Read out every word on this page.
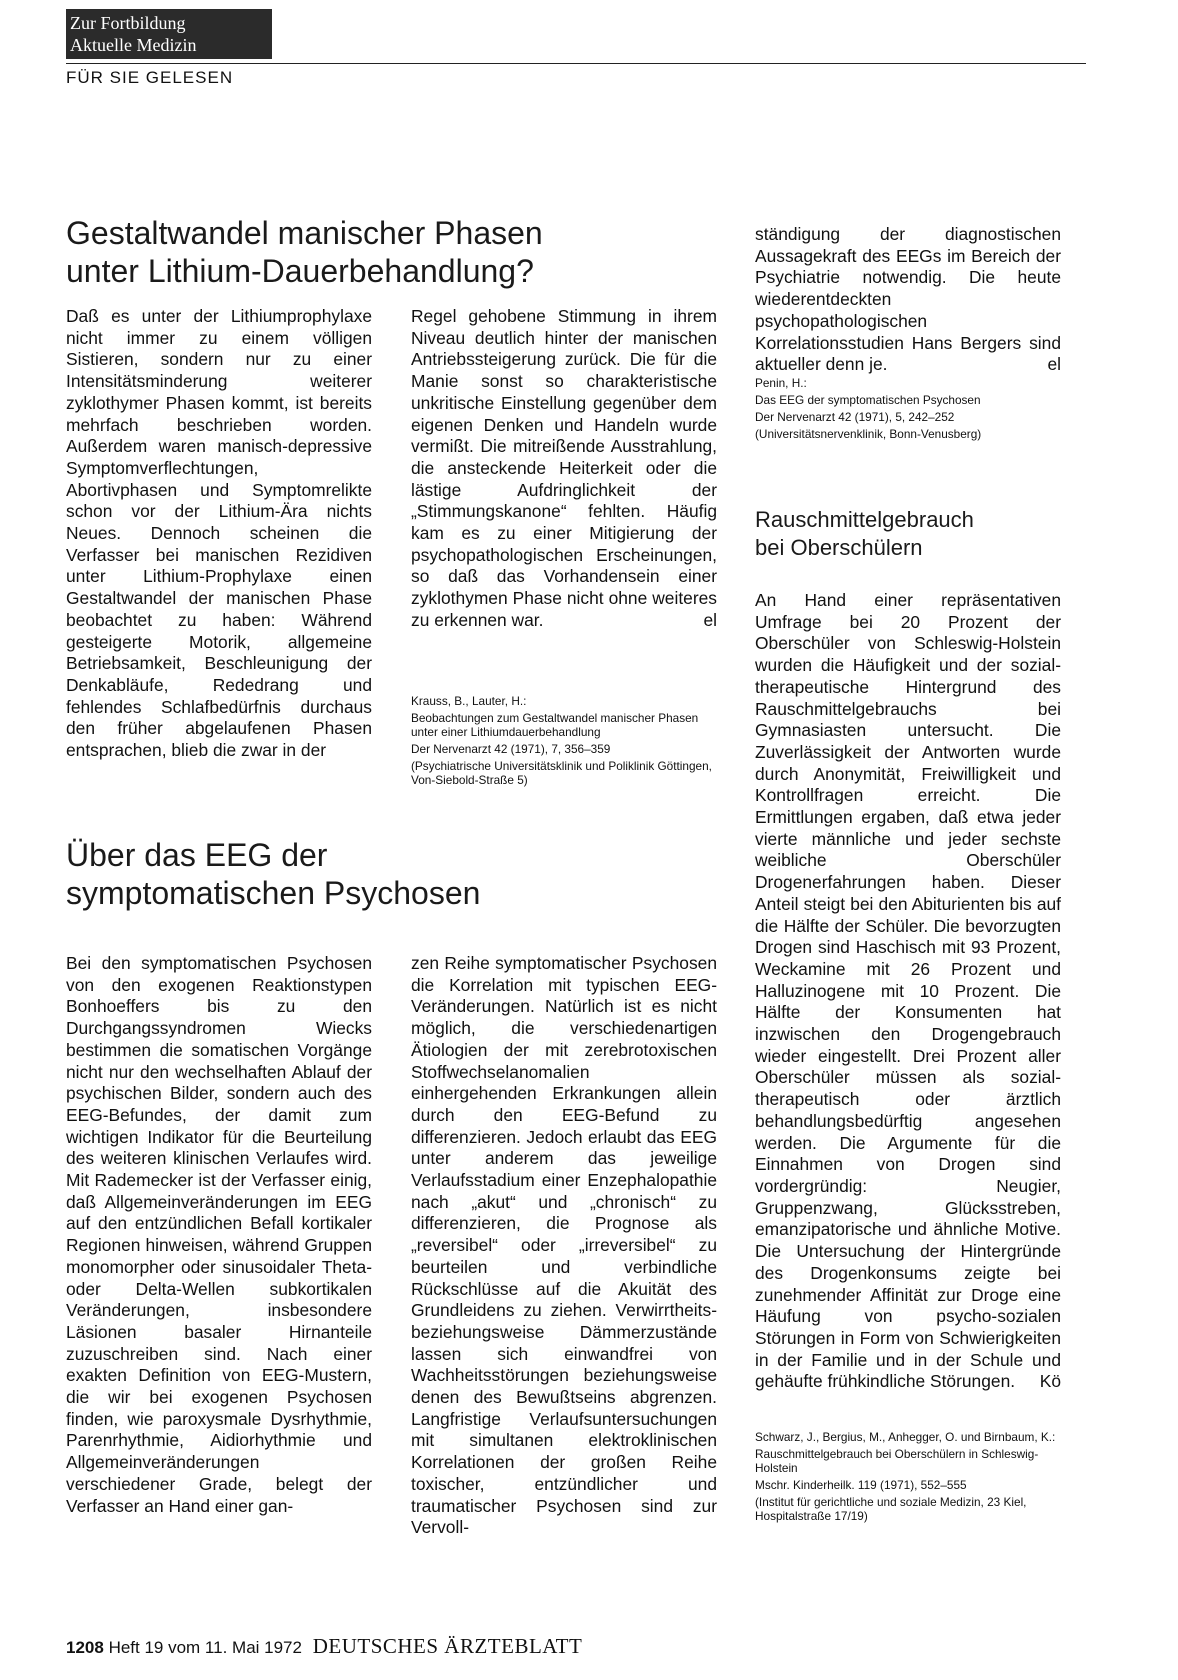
Zur Fortbildung
Aktuelle Medizin
FÜR SIE GELESEN
Gestaltwandel manischer Phasen
unter Lithium-Dauerbehandlung?

Daß es unter der Lithiumprophylaxe nicht immer zu einem völligen Sistieren, sondern nur zu einer Intensitätsminderung weiterer zyklothymer Phasen kommt, ist bereits mehrfach beschrieben worden. Außerdem waren manisch-depressive Symptomverflechtungen, Abortivphasen und Symptomrelikte schon vor der Lithium-Ära nichts Neues. Dennoch scheinen die Verfasser bei manischen Rezidiven unter Lithium-Prophylaxe einen Gestaltwandel der manischen Phase beobachtet zu haben: Während gesteigerte Motorik, allgemeine Betriebsamkeit, Beschleunigung der Denkabläufe, Rededrang und fehlendes Schlafbedürfnis durchaus den früher abgelaufenen Phasen entsprachen, blieb die zwar in der

Regel gehobene Stimmung in ihrem Niveau deutlich hinter der manischen Antriebssteigerung zurück. Die für die Manie sonst so charakteristische unkritische Einstellung gegenüber dem eigenen Denken und Handeln wurde vermißt. Die mitreißende Ausstrahlung, die ansteckende Heiterkeit oder die lästige Aufdringlichkeit der „Stimmungskanone“ fehlten. Häufig kam es zu einer Mitigierung der psychopathologischen Erscheinungen, so daß das Vorhandensein einer zyklothymen Phase nicht ohne weiteres zu erkennen war.	el

Krauss, B., Lauter, H.:
Beobachtungen zum Gestaltwandel manischer Phasen unter einer Lithiumdauerbehandlung
Der Nervenarzt 42 (1971), 7, 356–359
(Psychiatrische Universitätsklinik und Poliklinik Göttingen, Von-Siebold-Straße 5)
Über das EEG der
symptomatischen Psychosen

Bei den symptomatischen Psychosen von den exogenen Reaktionstypen Bonhoeffers bis zu den Durchgangssyndromen Wiecks bestimmen die somatischen Vorgänge nicht nur den wechselhaften Ablauf der psychischen Bilder, sondern auch des EEG-Befundes, der damit zum wichtigen Indikator für die Beurteilung des weiteren klinischen Verlaufes wird. Mit Rademecker ist der Verfasser einig, daß Allgemeinveränderungen im EEG auf den entzündlichen Befall kortikaler Regionen hinweisen, während Gruppen monomorpher oder sinusoidaler Theta- oder Delta-Wellen subkortikalen Veränderungen, insbesondere Läsionen basaler Hirnanteile zuzuschreiben sind. Nach einer exakten Definition von EEG-Mustern, die wir bei exogenen Psychosen finden, wie paroxysmale Dysrhythmie, Parenrhythmie, Aidiorhythmie und Allgemeinveränderungen verschiedener Grade, belegt der Verfasser an Hand einer gan-

zen Reihe symptomatischer Psychosen die Korrelation mit typischen EEG-Veränderungen. Natürlich ist es nicht möglich, die verschiedenartigen Ätiologien der mit zerebrotoxischen Stoffwechselanomalien einhergehenden Erkrankungen allein durch den EEG-Befund zu differenzieren. Jedoch erlaubt das EEG unter anderem das jeweilige Verlaufsstadium einer Enzephalopathie nach „akut“ und „chronisch“ zu differenzieren, die Prognose als „reversibel“ oder „irreversibel“ zu beurteilen und verbindliche Rückschlüsse auf die Akuität des Grundleidens zu ziehen. Verwirrtheits- beziehungsweise Dämmerzustände lassen sich einwandfrei von Wachheitsstörungen beziehungsweise denen des Bewußtseins abgrenzen. Langfristige Verlaufsuntersuchungen mit simultanen elektroklinischen Korrelationen der großen Reihe toxischer, entzündlicher und traumatischer Psychosen sind zur Vervoll-

ständigung der diagnostischen Aussagekraft des EEGs im Bereich der Psychiatrie notwendig. Die heute wiederentdeckten psychopathologischen Korrelationsstudien Hans Bergers sind aktueller denn je.	el

Penin, H.:
Das EEG der symptomatischen Psychosen
Der Nervenarzt 42 (1971), 5, 242–252
(Universitätsnervenklinik, Bonn-Venusberg)
Rauschmittelgebrauch
bei Oberschülern

An Hand einer repräsentativen Umfrage bei 20 Prozent der Oberschüler von Schleswig-Holstein wurden die Häufigkeit und der sozial-therapeutische Hintergrund des Rauschmittelgebrauchs bei Gymnasiasten untersucht. Die Zuverlässigkeit der Antworten wurde durch Anonymität, Freiwilligkeit und Kontrollfragen erreicht. Die Ermittlungen ergaben, daß etwa jeder vierte männliche und jeder sechste weibliche Oberschüler Drogenerfahrungen haben. Dieser Anteil steigt bei den Abiturienten bis auf die Hälfte der Schüler. Die bevorzugten Drogen sind Haschisch mit 93 Prozent, Weckamine mit 26 Prozent und Halluzinogene mit 10 Prozent. Die Hälfte der Konsumenten hat inzwischen den Drogengebrauch wieder eingestellt. Drei Prozent aller Oberschüler müssen als sozial-therapeutisch oder ärztlich behandlungsbedürftig angesehen werden. Die Argumente für die Einnahmen von Drogen sind vordergründig: Neugier, Gruppenzwang, Glücksstreben, emanzipatorische und ähnliche Motive. Die Untersuchung der Hintergründe des Drogenkonsums zeigte bei zunehmender Affinität zur Droge eine Häufung von psycho-sozialen Störungen in Form von Schwierigkeiten in der Familie und in der Schule und gehäufte frühkindliche Störungen. Kö

Schwarz, J., Bergius, M., Anhegger, O. und Birnbaum, K.:
Rauschmittelgebrauch bei Oberschülern in Schleswig-Holstein
Mschr. Kinderheilk. 119 (1971), 552–555
(Institut für gerichtliche und soziale Medizin, 23 Kiel, Hospitalstraße 17/19)
1208 Heft 19 vom 11. Mai 1972 DEUTSCHES ÄRZTEBLATT
